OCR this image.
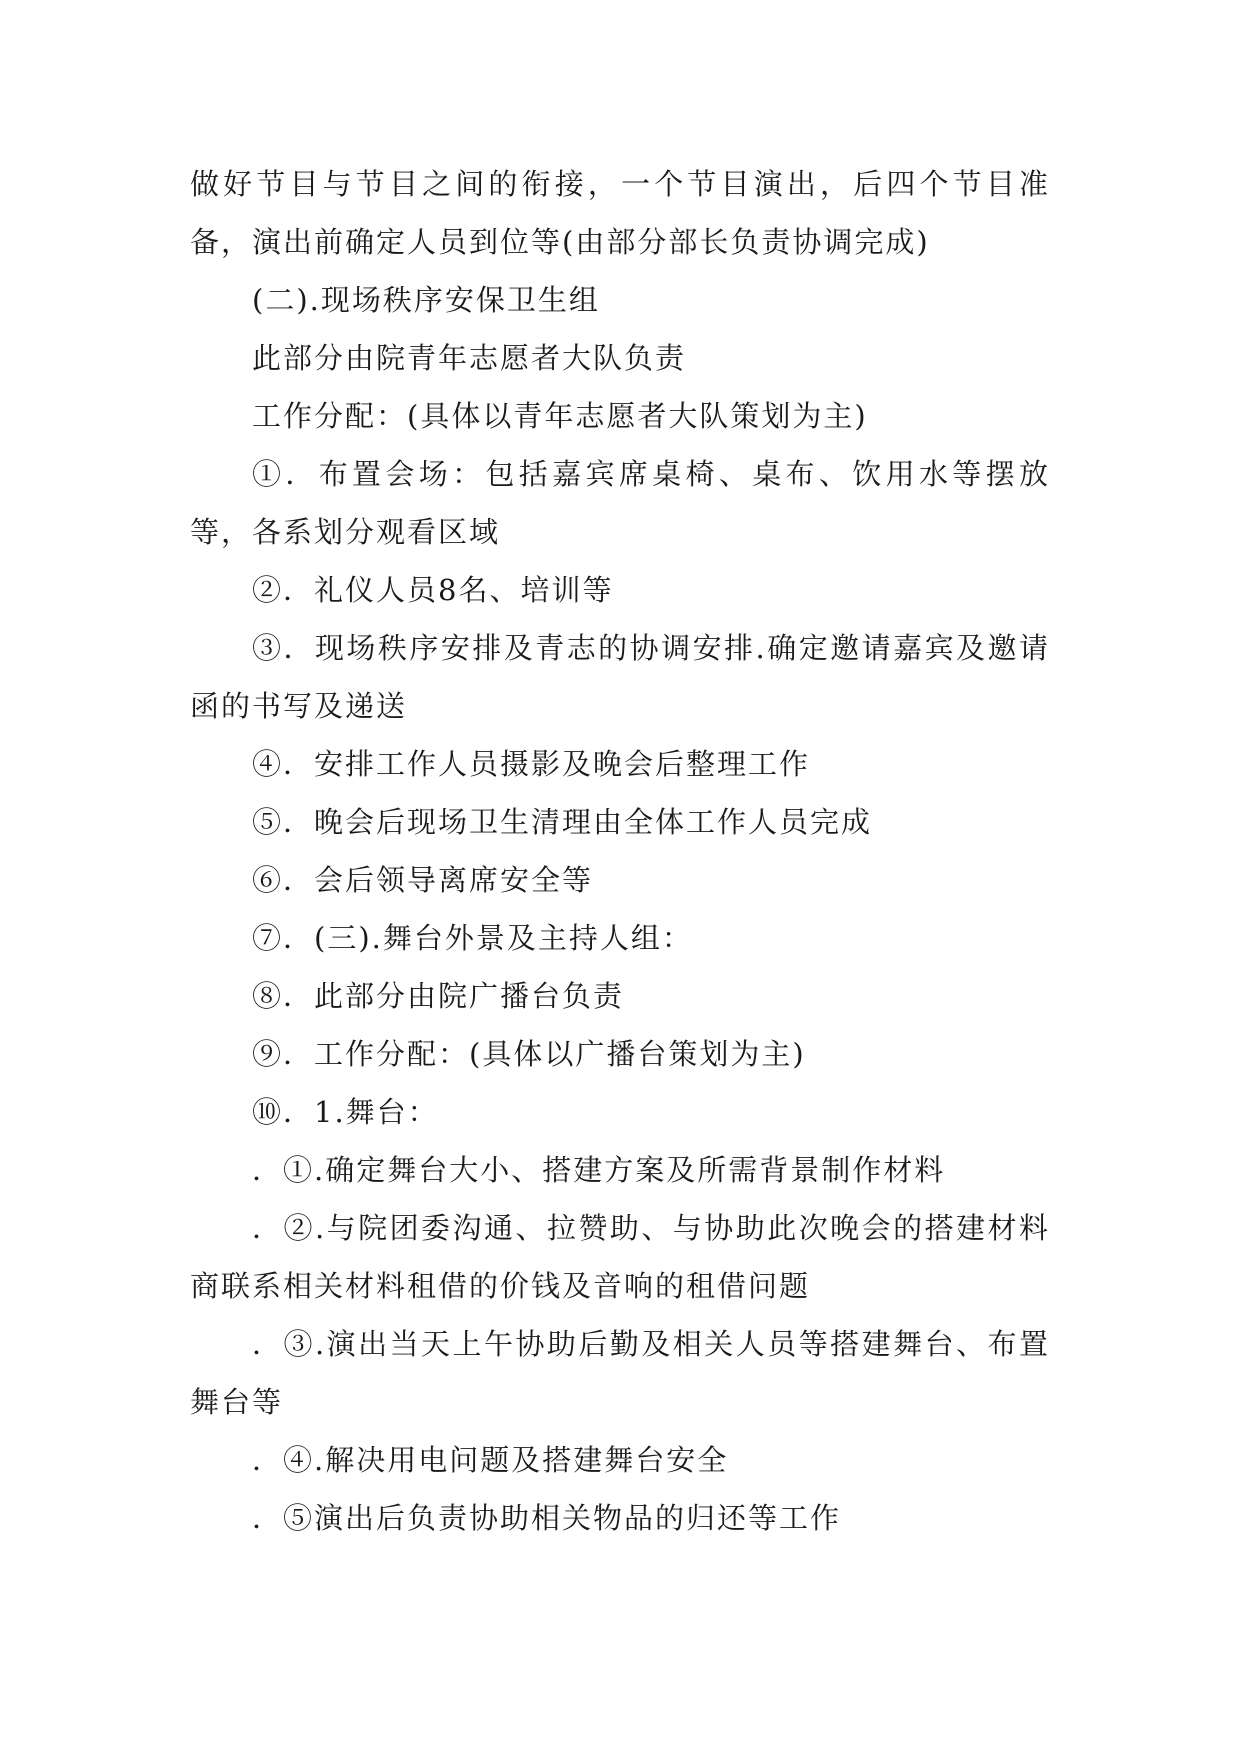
做好节目与节目之间的衔接，一个节目演出，后四个节目准备，演出前确定人员到位等(由部分部长负责协调完成)

(二).现场秩序安保卫生组

此部分由院青年志愿者大队负责

工作分配：(具体以青年志愿者大队策划为主)

①．布置会场：包括嘉宾席桌椅、桌布、饮用水等摆放等，各系划分观看区域

②．礼仪人员8名、培训等

③．现场秩序安排及青志的协调安排.确定邀请嘉宾及邀请函的书写及递送

④．安排工作人员摄影及晚会后整理工作

⑤．晚会后现场卫生清理由全体工作人员完成

⑥．会后领导离席安全等

⑦．(三).舞台外景及主持人组：

⑧．此部分由院广播台负责

⑨．工作分配：(具体以广播台策划为主)

⑩．1.舞台：

．①.确定舞台大小、搭建方案及所需背景制作材料

．②.与院团委沟通、拉赞助、与协助此次晚会的搭建材料商联系相关材料租借的价钱及音响的租借问题

．③.演出当天上午协助后勤及相关人员等搭建舞台、布置舞台等

．④.解决用电问题及搭建舞台安全

．⑤演出后负责协助相关物品的归还等工作
